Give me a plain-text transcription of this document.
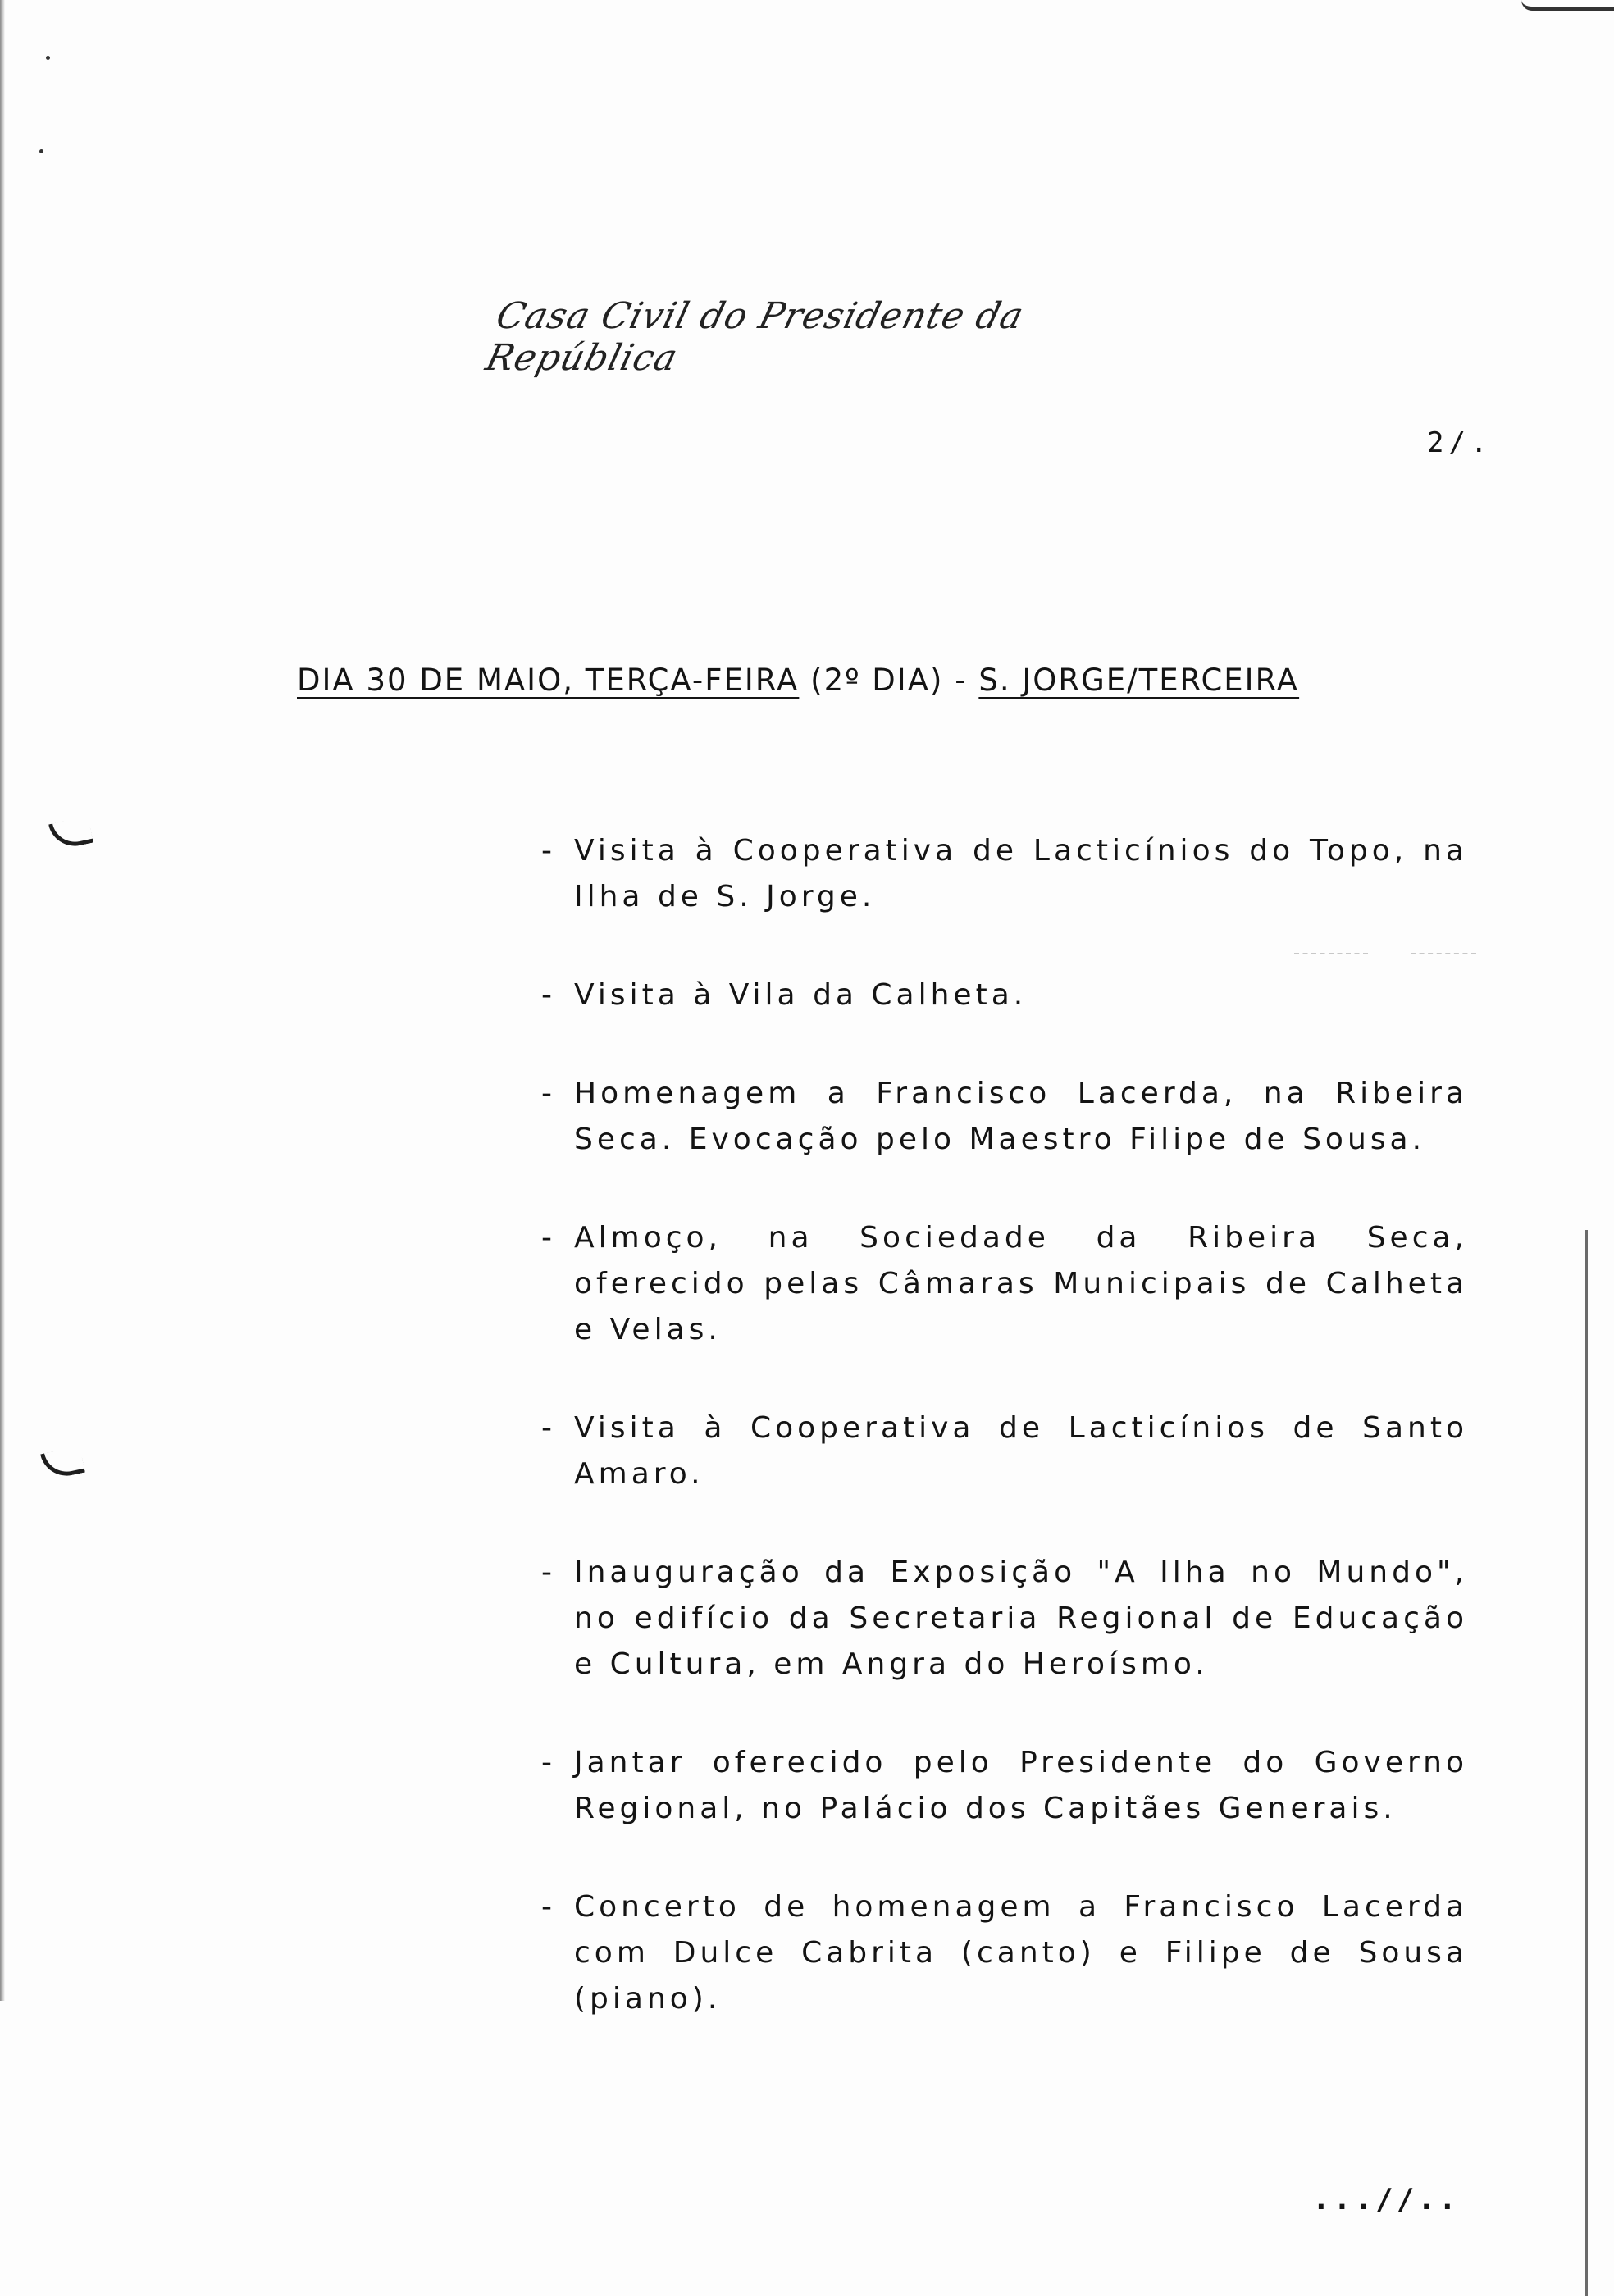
Casa Civil do Presidente da República
2/.
DIA 30 DE MAIO, TERÇA-FEIRA (2º DIA) - S. JORGE/TERCEIRA
- Visita à Cooperativa de Lacticínios do Topo, na Ilha de S. Jorge.
- Visita à Vila da Calheta.
- Homenagem a Francisco Lacerda, na Ribeira Seca. Evocação pelo Maestro Filipe de Sousa.
- Almoço, na Sociedade da Ribeira Seca, oferecido pelas Câmaras Municipais de Calheta e Velas.
- Visita à Cooperativa de Lacticínios de Santo Amaro.
- Inauguração da Exposição "A Ilha no Mundo", no edifício da Secretaria Regional de Educação e Cultura, em Angra do Heroísmo.
- Jantar oferecido pelo Presidente do Governo Regional, no Palácio dos Capitães Generais.
- Concerto de homenagem a Francisco Lacerda com Dulce Cabrita (canto) e Filipe de Sousa (piano).
...//..
